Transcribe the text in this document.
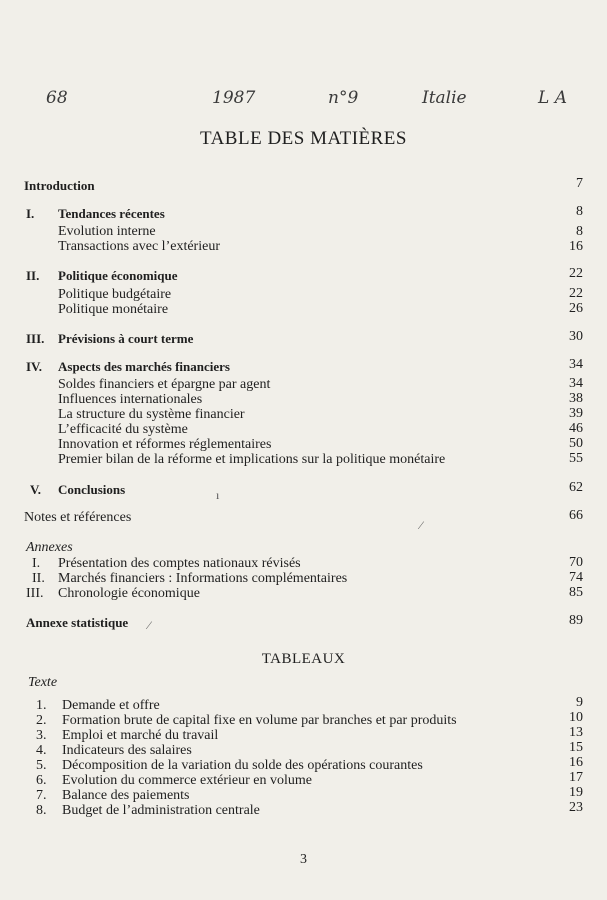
68	1987	n°9	Italie	L A
TABLE DES MATIÈRES
Introduction	7
I. Tendances récentes	8
Evolution interne	8
Transactions avec l’extérieur	16
II. Politique économique	22
Politique budgétaire	22
Politique monétaire	26
III. Prévisions à court terme	30
IV. Aspects des marchés financiers	34
Soldes financiers et épargne par agent	34
Influences internationales	38
La structure du système financier	39
L’efficacité du système	46
Innovation et réformes réglementaires	50
Premier bilan de la réforme et implications sur la politique monétaire	55
V. Conclusions	62
Notes et références	66
Annexes
I. Présentation des comptes nationaux révisés	70
II. Marchés financiers : Informations complémentaires	74
III. Chronologie économique	85
Annexe statistique	89
TABLEAUX
Texte
1. Demande et offre	9
2. Formation brute de capital fixe en volume par branches et par produits	10
3. Emploi et marché du travail	13
4. Indicateurs des salaires	15
5. Décomposition de la variation du solde des opérations courantes	16
6. Evolution du commerce extérieur en volume	17
7. Balance des paiements	19
8. Budget de l’administration centrale	23
ı
⁄
⁄
3
